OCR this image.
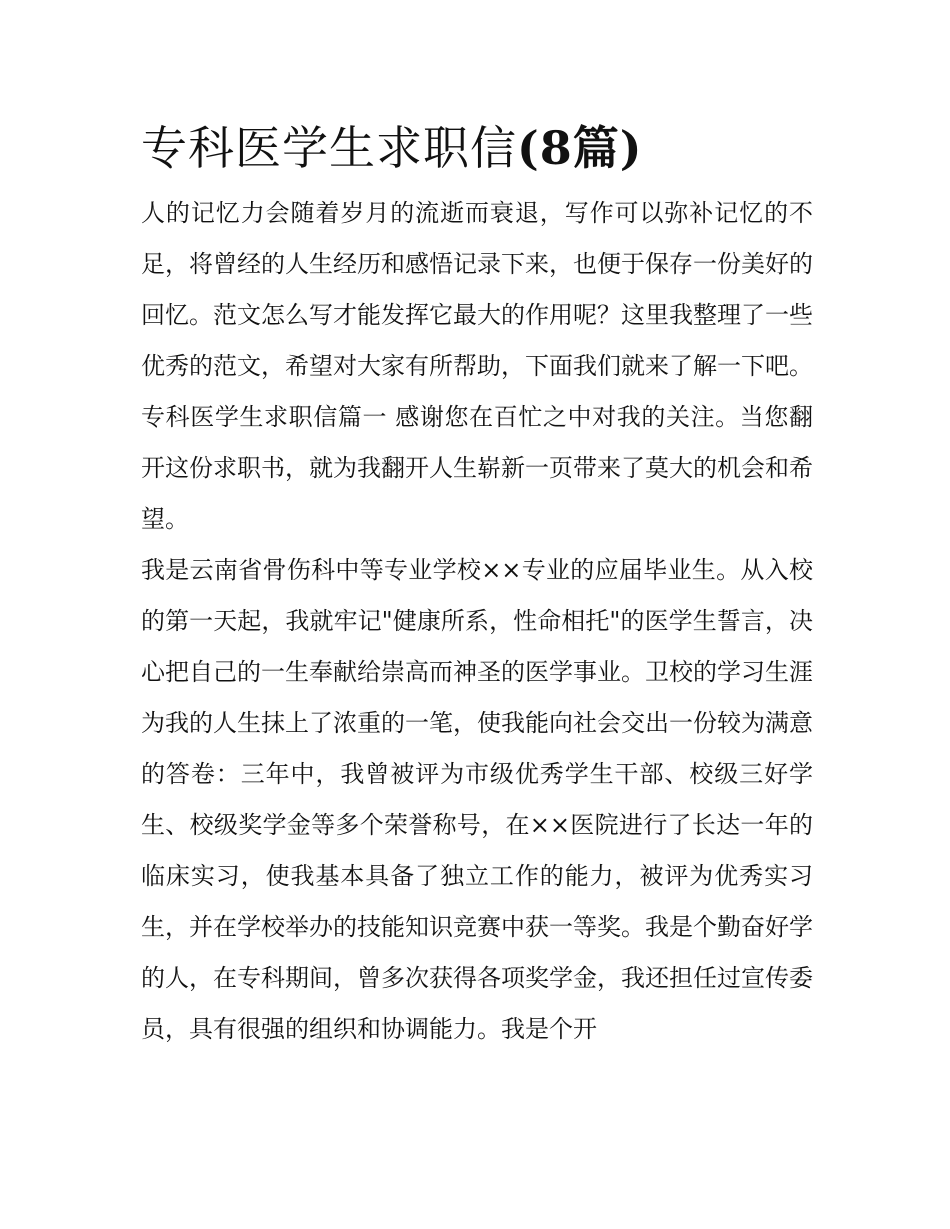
专科医学生求职信(8篇)

人的记忆力会随着岁月的流逝而衰退，写作可以弥补记忆的不足，将曾经的人生经历和感悟记录下来，也便于保存一份美好的回忆。范文怎么写才能发挥它最大的作用呢？这里我整理了一些优秀的范文，希望对大家有所帮助，下面我们就来了解一下吧。

专科医学生求职信篇一 感谢您在百忙之中对我的关注。当您翻开这份求职书，就为我翻开人生崭新一页带来了莫大的机会和希望。

我是云南省骨伤科中等专业学校××专业的应届毕业生。从入校的第一天起，我就牢记"健康所系，性命相托"的医学生誓言，决心把自己的一生奉献给崇高而神圣的医学事业。卫校的学习生涯为我的人生抹上了浓重的一笔，使我能向社会交出一份较为满意的答卷：三年中，我曾被评为市级优秀学生干部、校级三好学生、校级奖学金等多个荣誉称号，在××医院进行了长达一年的临床实习，使我基本具备了独立工作的能力，被评为优秀实习生，并在学校举办的技能知识竞赛中获一等奖。我是个勤奋好学的人，在专科期间，曾多次获得各项奖学金，我还担任过宣传委员，具有很强的组织和协调能力。我是个开
